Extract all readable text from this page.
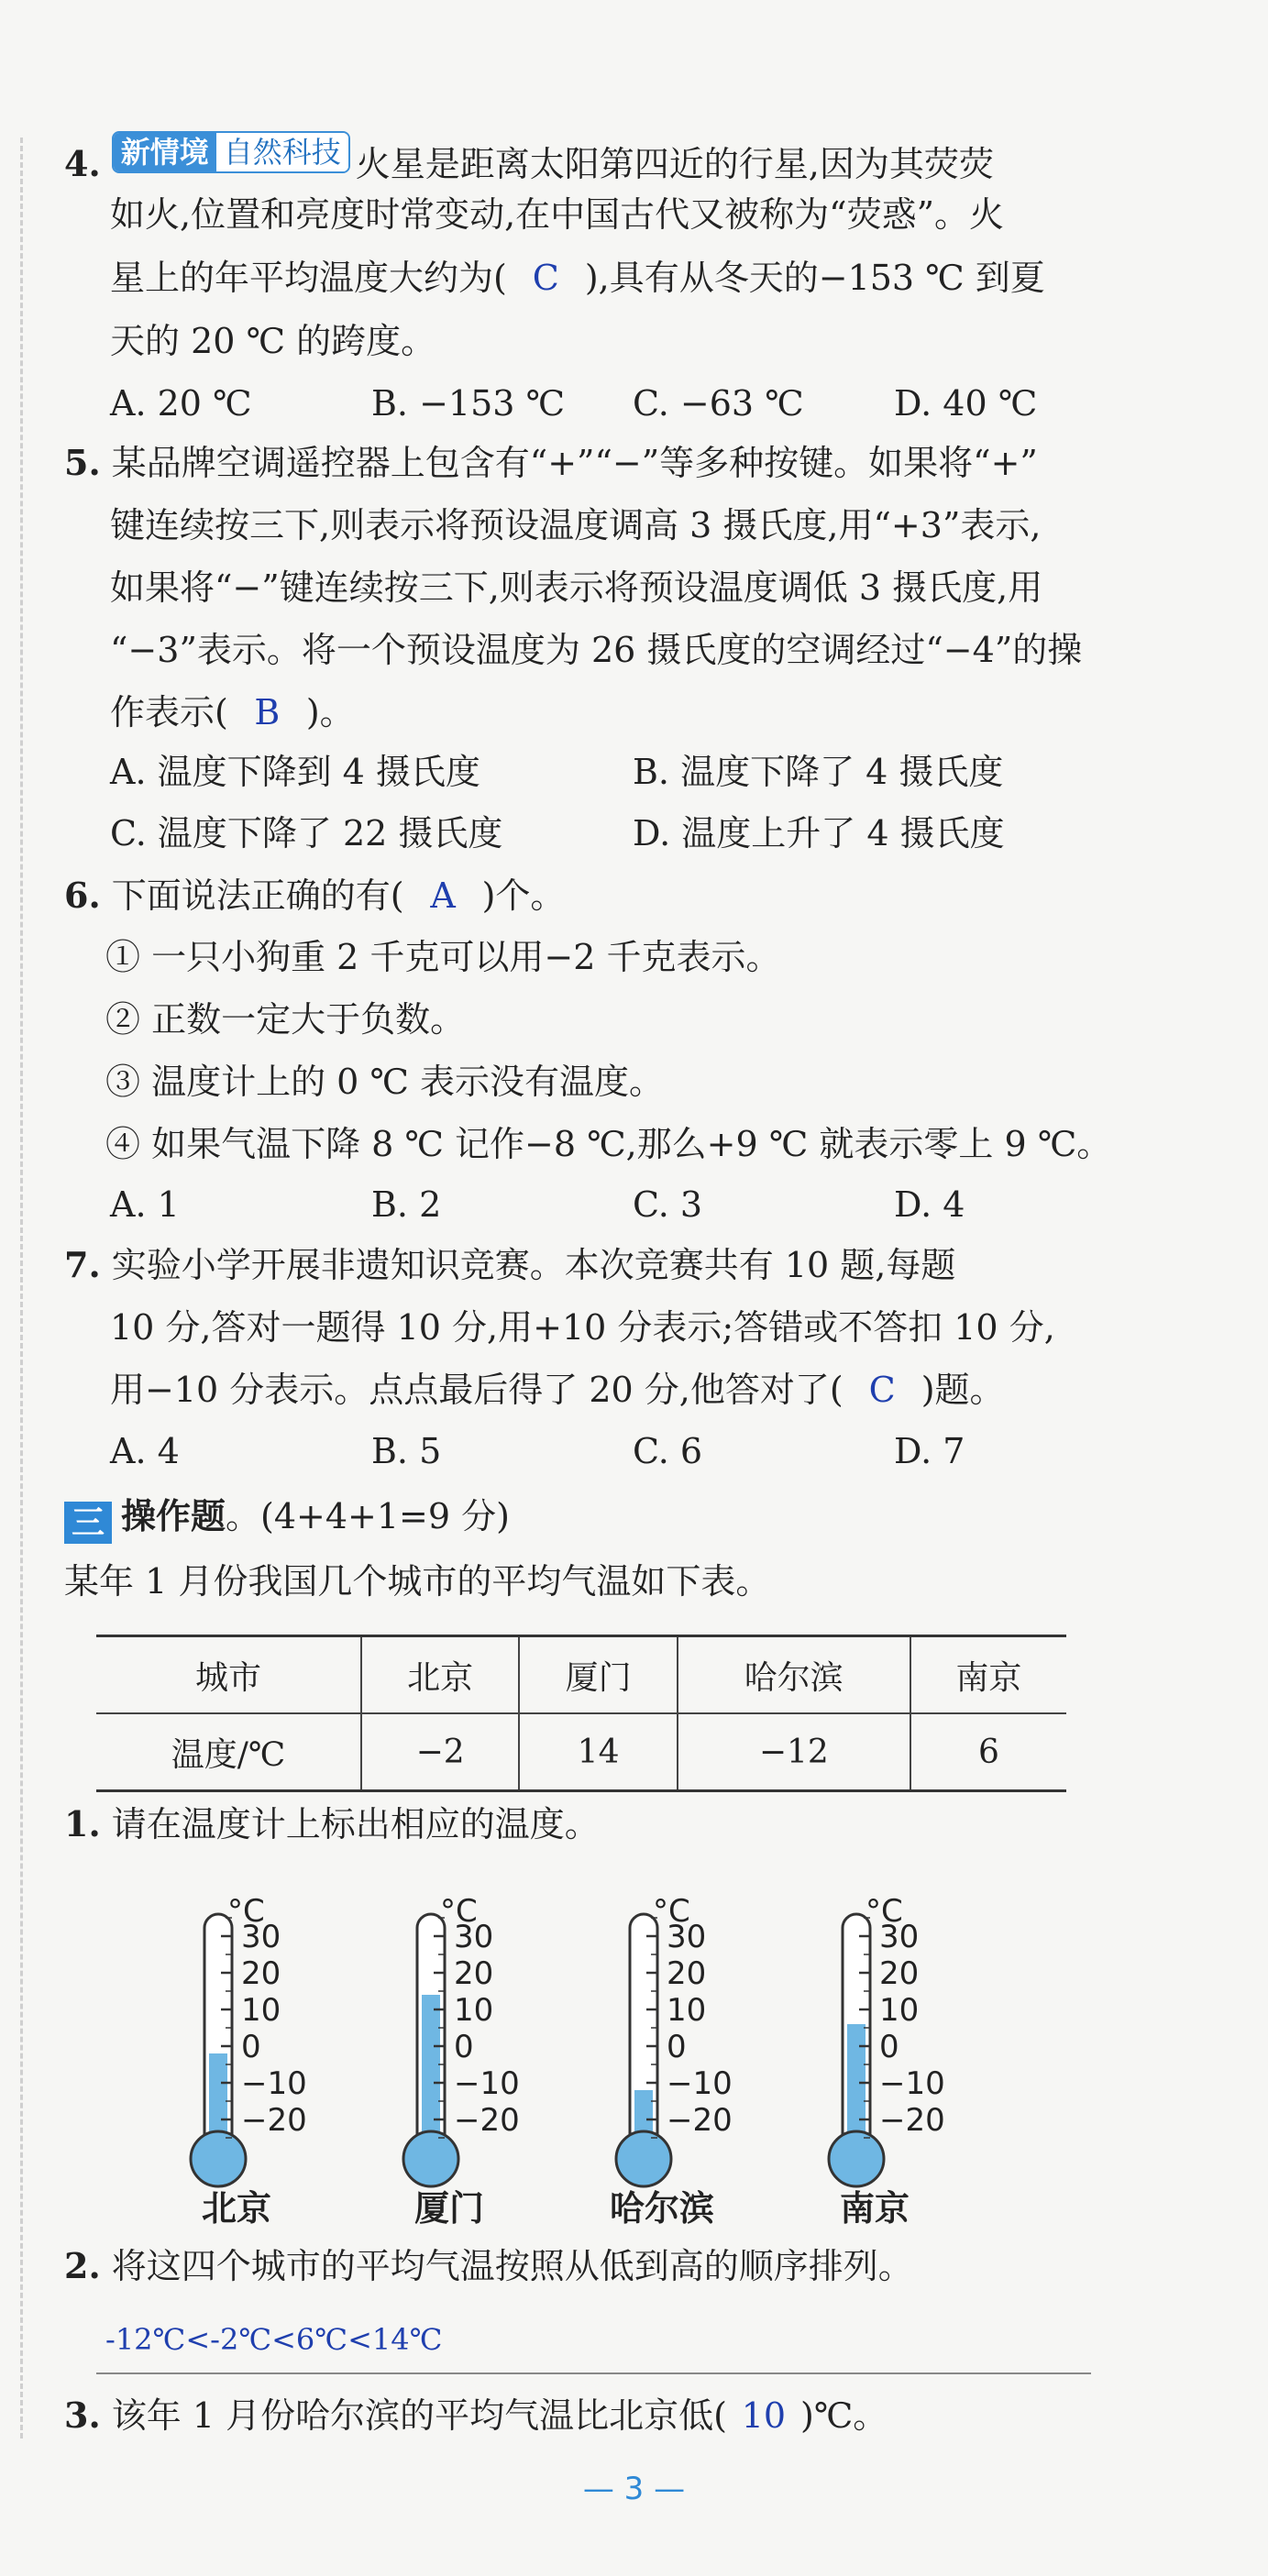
4. 新情境 自然科技 火星是距离太阳第四近的行星,因为其荧荧
如火,位置和亮度时常变动,在中国古代又被称为“荧惑”。火
星上的年平均温度大约为( C ),具有从冬天的−153 ℃ 到夏
天的 20 ℃ 的跨度。
A. 20 ℃	B. −153 ℃ C. −63 ℃	D. 40 ℃
5. 某品牌空调遥控器上包含有“+”“−”等多种按键。如果将“+”
键连续按三下,则表示将预设温度调高 3 摄氏度,用“+3”表示,
如果将“−”键连续按三下,则表示将预设温度调低 3 摄氏度,用
“−3”表示。将一个预设温度为 26 摄氏度的空调经过“−4”的操
作表示( B )。
A. 温度下降到 4 摄氏度	B. 温度下降了 4 摄氏度
C. 温度下降了 22 摄氏度	D. 温度上升了 4 摄氏度
6. 下面说法正确的有( A )个。
① 一只小狗重 2 千克可以用−2 千克表示。
② 正数一定大于负数。
③ 温度计上的 0 ℃ 表示没有温度。
④ 如果气温下降 8 ℃ 记作−8 ℃,那么+9 ℃ 就表示零上 9 ℃。
A. 1	B. 2	C. 3	D. 4
7. 实验小学开展非遗知识竞赛。本次竞赛共有 10 题,每题
10 分,答对一题得 10 分,用+10 分表示;答错或不答扣 10 分,
用−10 分表示。点点最后得了 20 分,他答对了( C )题。
A. 4	B. 5	C. 6	D. 7
三 操作题。(4+4+1=9 分)
某年 1 月份我国几个城市的平均气温如下表。
城市	北京	厦门	哈尔滨	南京
温度/℃	−2	14	−12	6
1. 请在温度计上标出相应的温度。
°C
30
20
10
0
−10
−20
北京
°C
30
20
10
0
−10
−20
厦门
°C
30
20
10
0
−10
−20
哈尔滨
°C
30
20
10
0
−10
−20
南京
2. 将这四个城市的平均气温按照从低到高的顺序排列。
-12℃<-2℃<6℃<14℃
3. 该年 1 月份哈尔滨的平均气温比北京低( 10 )℃。
— 3 —
